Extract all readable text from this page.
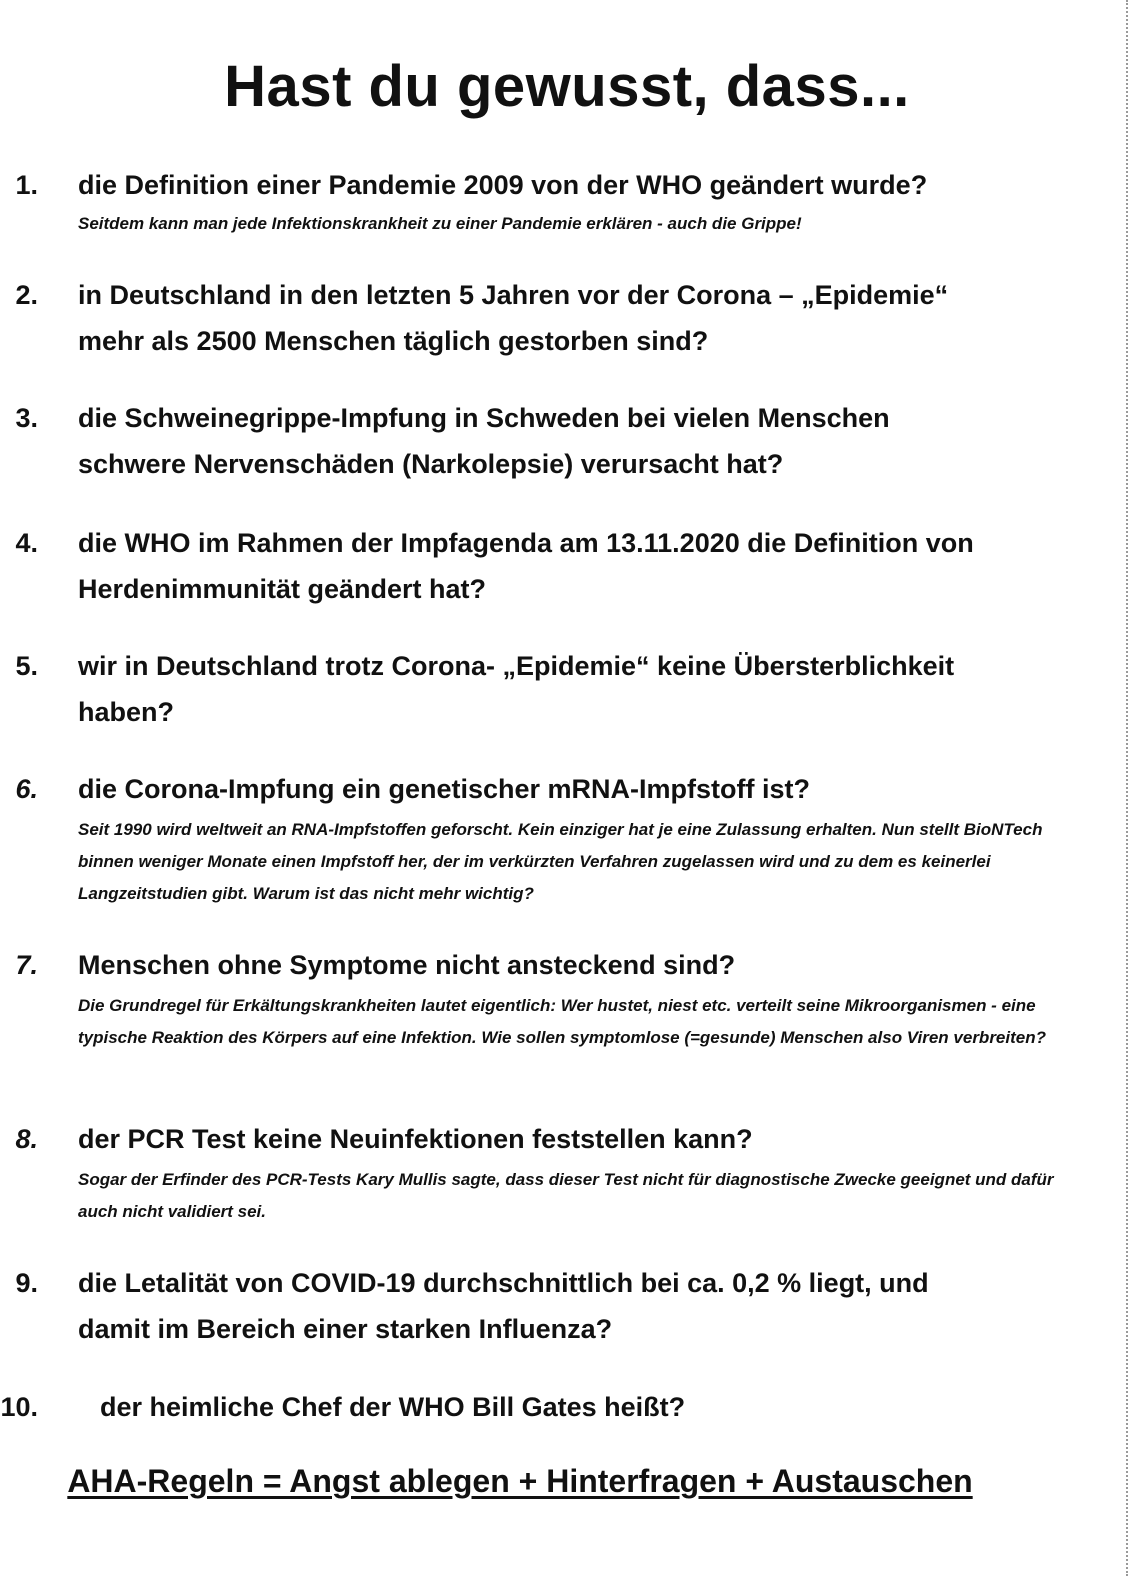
Hast du gewusst, dass...
1. die Definition einer Pandemie 2009 von der WHO geändert wurde?
Seitdem kann man jede Infektionskrankheit zu einer Pandemie erklären - auch die Grippe!
2. in Deutschland in den letzten 5 Jahren vor der Corona – „Epidemie“ mehr als 2500 Menschen täglich gestorben sind?
3. die Schweinegrippe-Impfung in Schweden bei vielen Menschen schwere Nervenschäden (Narkolepsie) verursacht hat?
4. die WHO im Rahmen der Impfagenda am 13.11.2020 die Definition von Herdenimmunität geändert hat?
5. wir in Deutschland trotz Corona- „Epidemie“ keine Übersterblichkeit haben?
6. die Corona-Impfung ein genetischer mRNA-Impfstoff ist?
Seit 1990 wird weltweit an RNA-Impfstoffen geforscht. Kein einziger hat je eine Zulassung erhalten. Nun stellt BioNTech binnen weniger Monate einen Impfstoff her, der im verkürzten Verfahren zugelassen wird und zu dem es keinerlei Langzeitstudien gibt. Warum ist das nicht mehr wichtig?
7. Menschen ohne Symptome nicht ansteckend sind?
Die Grundregel für Erkältungskrankheiten lautet eigentlich: Wer hustet, niest etc. verteilt seine Mikroorganismen - eine typische Reaktion des Körpers auf eine Infektion. Wie sollen symptomlose (=gesunde) Menschen also Viren verbreiten?
8. der PCR Test keine Neuinfektionen feststellen kann?
Sogar der Erfinder des PCR-Tests Kary Mullis sagte, dass dieser Test nicht für diagnostische Zwecke geeignet und dafür auch nicht validiert sei.
9. die Letalität von COVID-19 durchschnittlich bei ca. 0,2 % liegt, und damit im Bereich einer starken Influenza?
10. der heimliche Chef der WHO Bill Gates heißt?
AHA-Regeln = Angst ablegen + Hinterfragen + Austauschen
